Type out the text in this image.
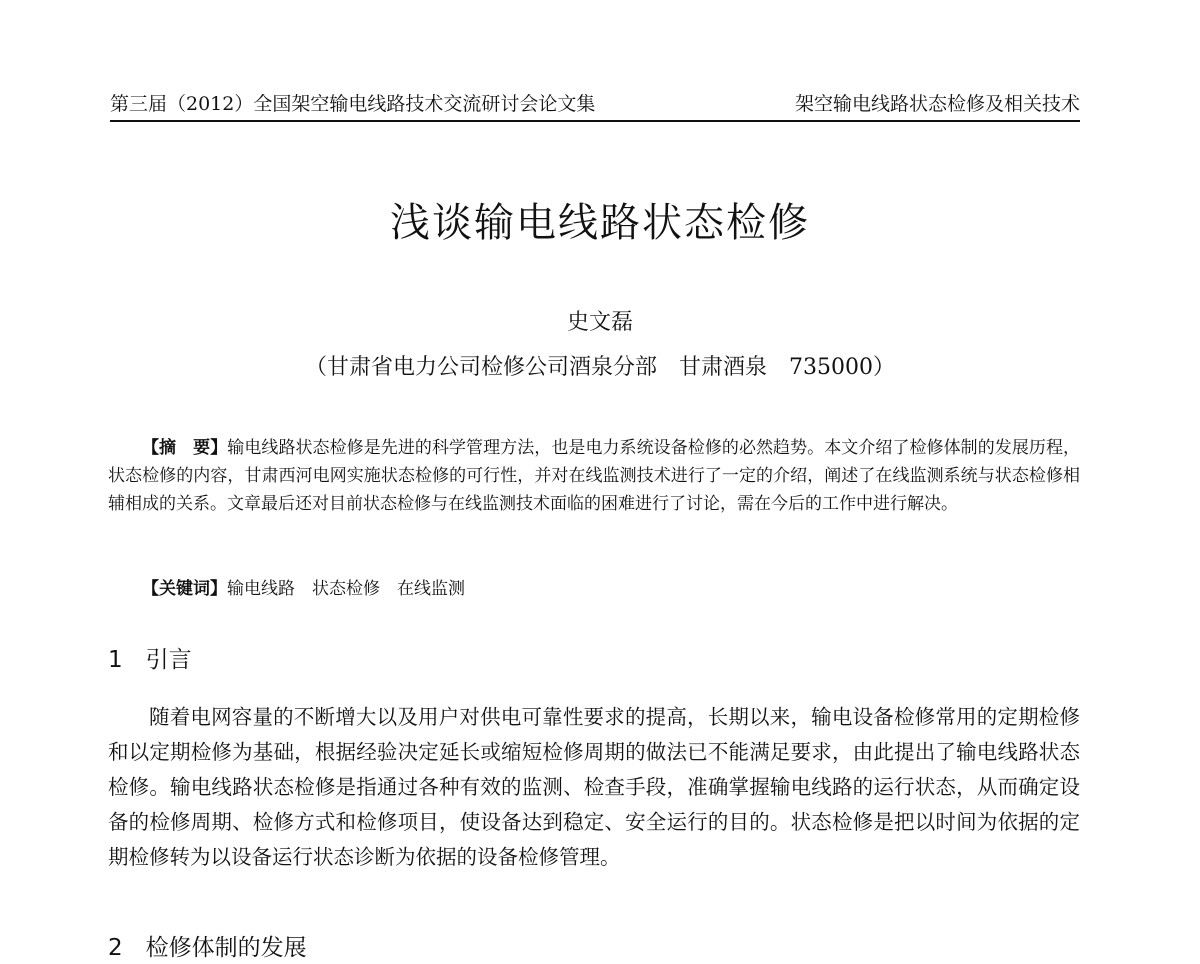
第三届（2012）全国架空输电线路技术交流研讨会论文集	架空输电线路状态检修及相关技术
浅谈输电线路状态检修
史文磊
（甘肃省电力公司检修公司酒泉分部　甘肃酒泉　735000）

【摘　要】输电线路状态检修是先进的科学管理方法，也是电力系统设备检修的必然趋势。本文介绍了检修体制的发展历程，状态检修的内容，甘肃西河电网实施状态检修的可行性，并对在线监测技术进行了一定的介绍，阐述了在线监测系统与状态检修相辅相成的关系。文章最后还对目前状态检修与在线监测技术面临的困难进行了讨论，需在今后的工作中进行解决。

【关键词】输电线路　状态检修　在线监测
1　引言

随着电网容量的不断增大以及用户对供电可靠性要求的提高，长期以来，输电设备检修常用的定期检修和以定期检修为基础，根据经验决定延长或缩短检修周期的做法已不能满足要求，由此提出了输电线路状态检修。输电线路状态检修是指通过各种有效的监测、检查手段，准确掌握输电线路的运行状态，从而确定设备的检修周期、检修方式和检修项目，使设备达到稳定、安全运行的目的。状态检修是把以时间为依据的定期检修转为以设备运行状态诊断为依据的设备检修管理。

2　检修体制的发展
